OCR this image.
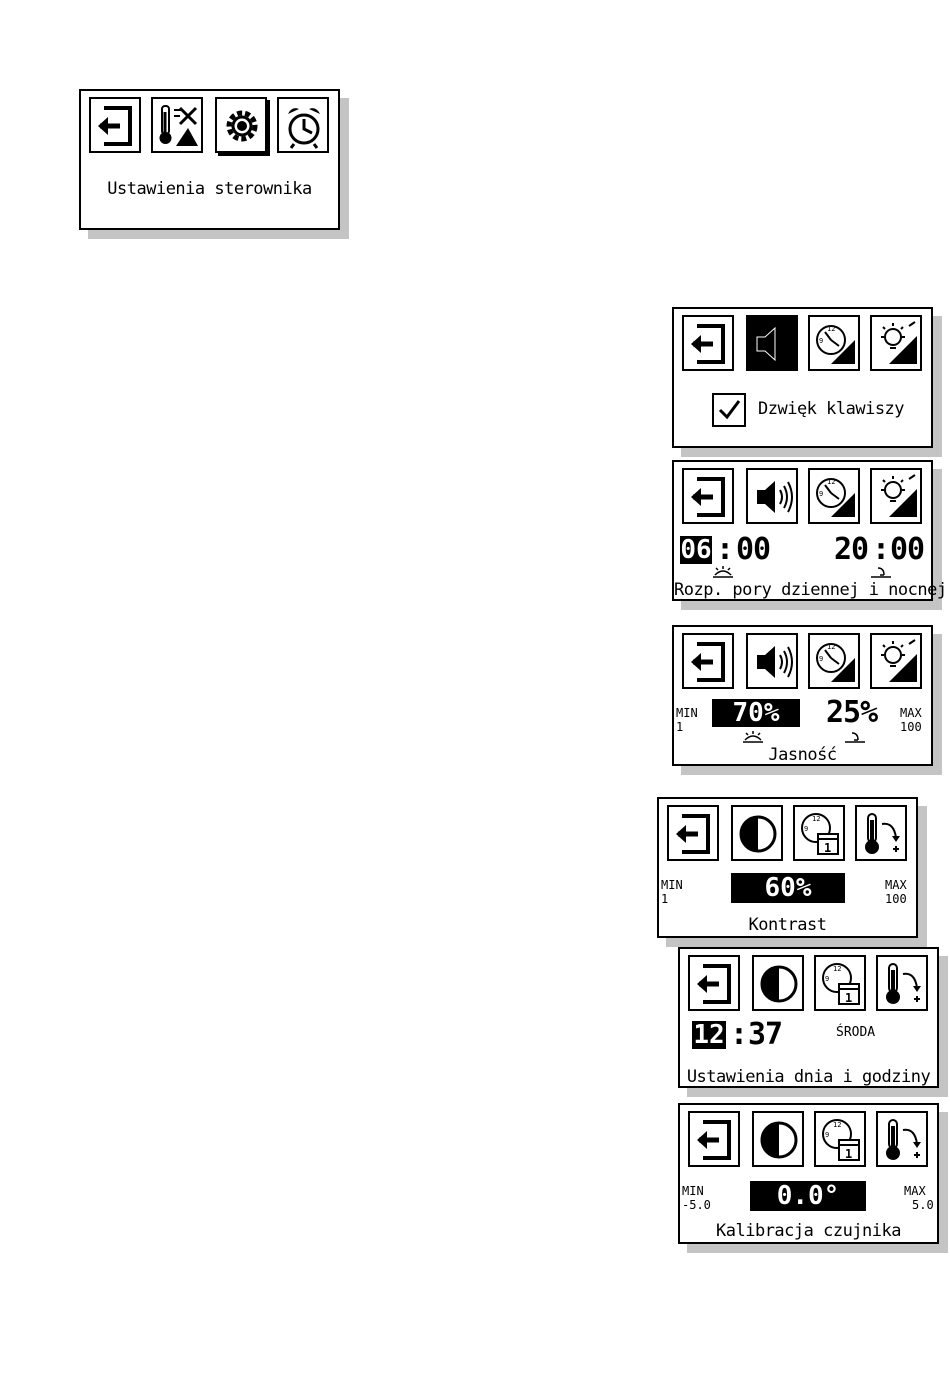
Ustawienia sterownika
Dzwięk klawiszy
06 : 00 20 : 00
Rozp. pory dziennej i nocnej
MIN
1	70%	25% MAX
100
Jasność
MIN
1	60%	MAX
100
Kontrast
12 : 37	ŚRODA
Ustawienia dnia i godziny
MIN
-5.0	0.0°	MAX
5.0
Kalibracja czujnika
